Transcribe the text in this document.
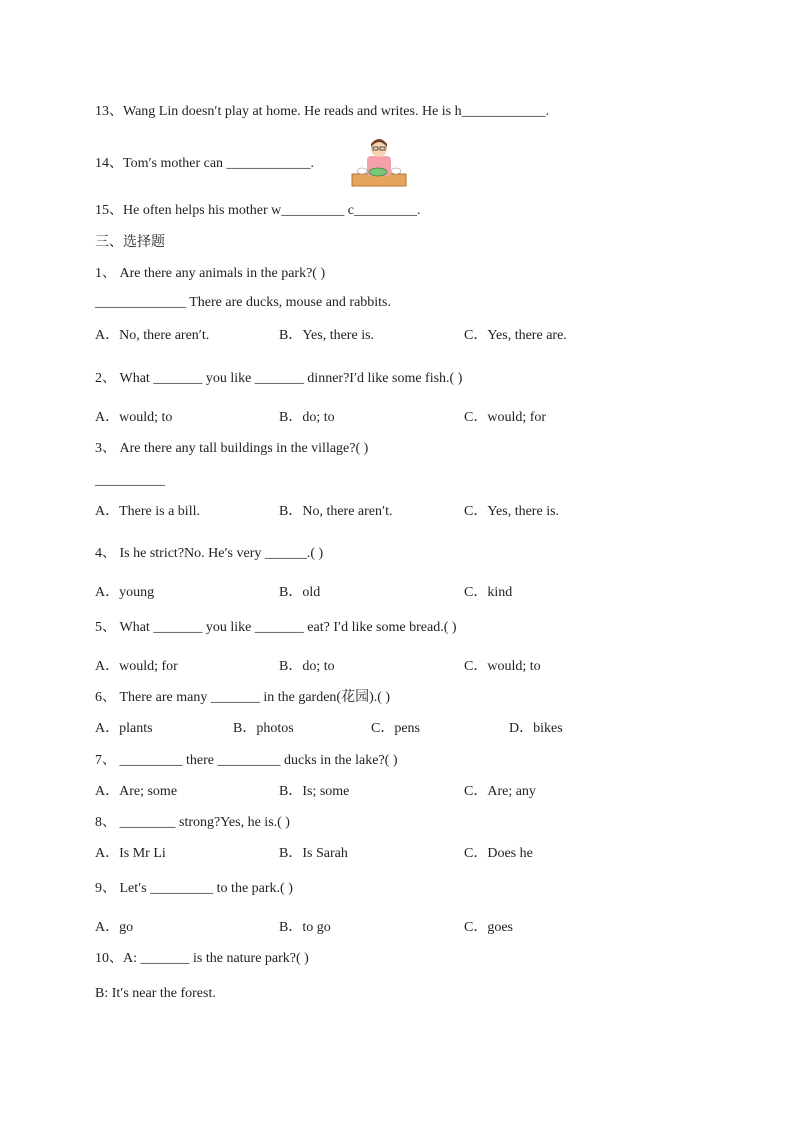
13、Wang Lin doesn′t play at home. He reads and writes. He is h____________.
14、Tom′s mother can ____________.
15、He often helps his mother w_________ c_________.
三、选择题
1、 Are there any animals in the park?( )
_____________ There are ducks, mouse and rabbits.
A．No, there aren′t.	B．Yes, there is.	C．Yes, there are.
2、 What _______ you like _______ dinner?I′d like some fish.( )
A．would; to	B．do; to	C．would; for
3、 Are there any tall buildings in the village?( )
__________
A．There is a bill.	B．No, there aren′t.	C．Yes, there is.
4、 Is he strict?No. He′s very ______.( )
A．young	B．old	C．kind
5、 What _______ you like _______ eat? I′d like some bread.( )
A．would; for	B．do; to	C．would; to
6、 There are many _______ in the garden(花园).( )
A．plants	B．photos	C．pens	D．bikes
7、 _________ there _________ ducks in the lake?( )
A．Are; some	B．Is; some	C．Are; any
8、 ________ strong?Yes, he is.( )
A．Is Mr Li	B．Is Sarah	C．Does he
9、 Let′s _________ to the park.( )
A．go	B．to go	C．goes
10、A: _______ is the nature park?( )
B: It′s near the forest.
